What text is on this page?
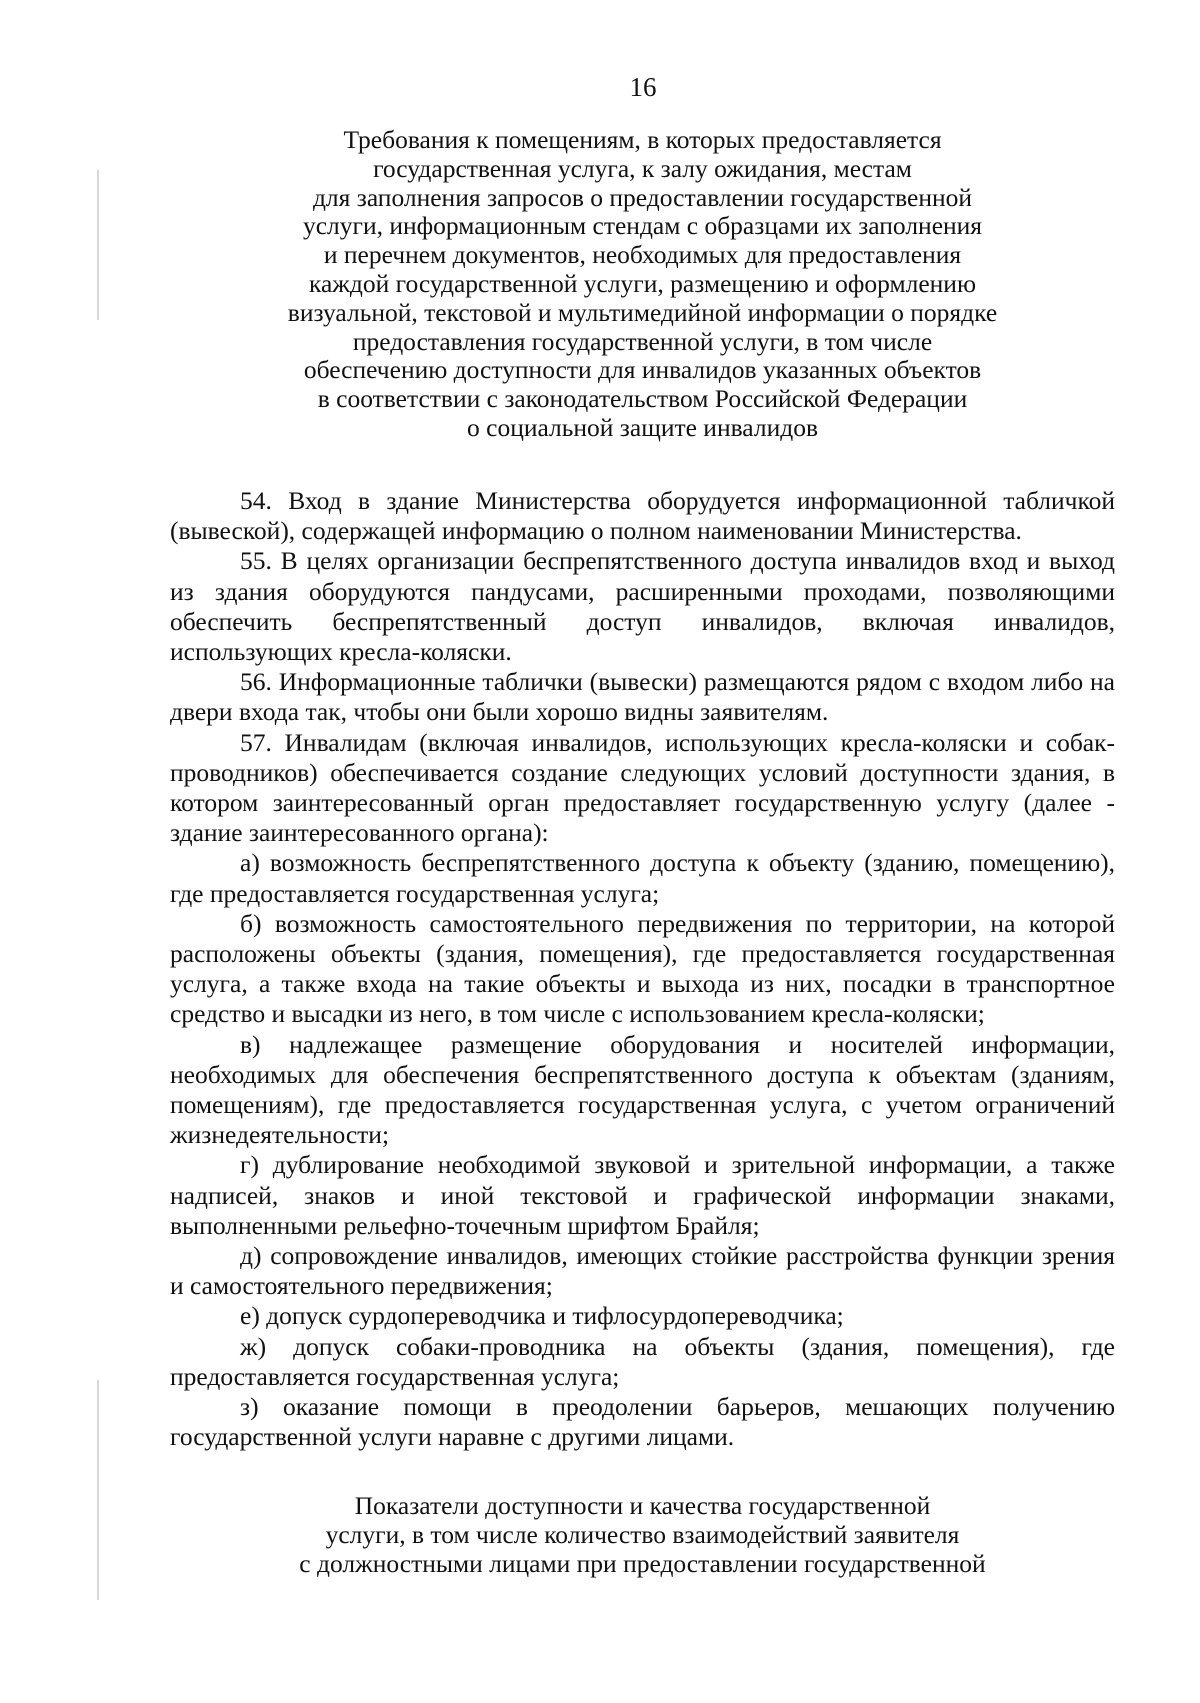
16
Требования к помещениям, в которых предоставляется
государственная услуга, к залу ожидания, местам
для заполнения запросов о предоставлении государственной
услуги, информационным стендам с образцами их заполнения
и перечнем документов, необходимых для предоставления
каждой государственной услуги, размещению и оформлению
визуальной, текстовой и мультимедийной информации о порядке
предоставления государственной услуги, в том числе
обеспечению доступности для инвалидов указанных объектов
в соответствии с законодательством Российской Федерации
о социальной защите инвалидов

54. Вход в здание Министерства оборудуется информационной табличкой (вывеской), содержащей информацию о полном наименовании Министерства.

55. В целях организации беспрепятственного доступа инвалидов вход и выход из здания оборудуются пандусами, расширенными проходами, позволяющими обеспечить беспрепятственный доступ инвалидов, включая инвалидов, использующих кресла-коляски.

56. Информационные таблички (вывески) размещаются рядом с входом либо на двери входа так, чтобы они были хорошо видны заявителям.

57. Инвалидам (включая инвалидов, использующих кресла-коляски и собак-проводников) обеспечивается создание следующих условий доступности здания, в котором заинтересованный орган предоставляет государственную услугу (далее - здание заинтересованного органа):

а) возможность беспрепятственного доступа к объекту (зданию, помещению), где предоставляется государственная услуга;

б) возможность самостоятельного передвижения по территории, на которой расположены объекты (здания, помещения), где предоставляется государственная услуга, а также входа на такие объекты и выхода из них, посадки в транспортное средство и высадки из него, в том числе с использованием кресла-коляски;

в) надлежащее размещение оборудования и носителей информации, необходимых для обеспечения беспрепятственного доступа к объектам (зданиям, помещениям), где предоставляется государственная услуга, с учетом ограничений жизнедеятельности;

г) дублирование необходимой звуковой и зрительной информации, а также надписей, знаков и иной текстовой и графической информации знаками, выполненными рельефно-точечным шрифтом Брайля;

д) сопровождение инвалидов, имеющих стойкие расстройства функции зрения и самостоятельного передвижения;

е) допуск сурдопереводчика и тифлосурдопереводчика;

ж) допуск собаки-проводника на объекты (здания, помещения), где предоставляется государственная услуга;

з) оказание помощи в преодолении барьеров, мешающих получению государственной услуги наравне с другими лицами.

Показатели доступности и качества государственной
услуги, в том числе количество взаимодействий заявителя
с должностными лицами при предоставлении государственной
